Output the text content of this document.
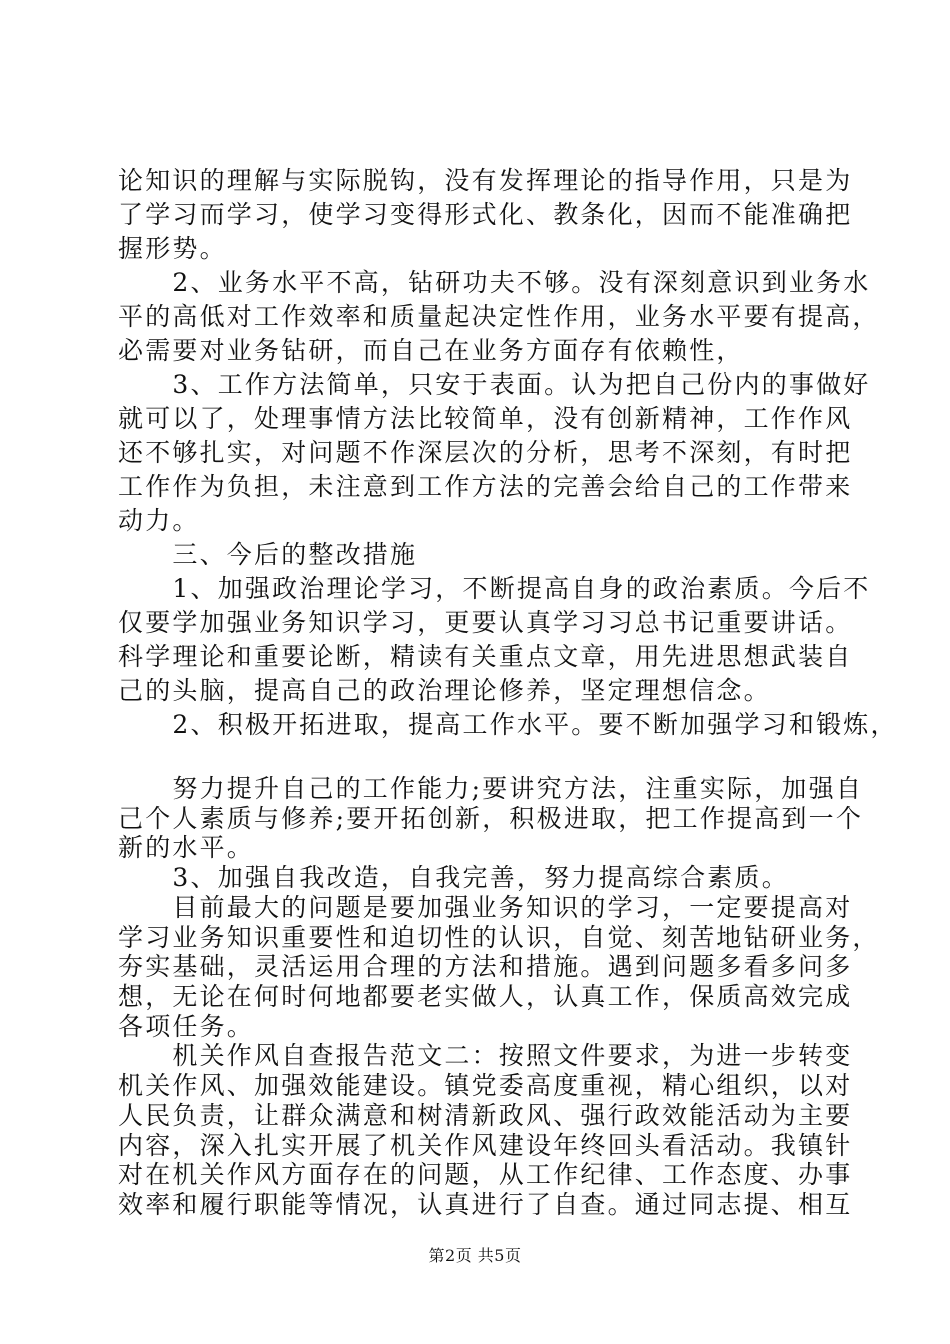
论知识的理解与实际脱钩，没有发挥理论的指导作用，只是为
了学习而学习，使学习变得形式化、教条化，因而不能准确把
握形势。
　　2、业务水平不高，钻研功夫不够。没有深刻意识到业务水
平的高低对工作效率和质量起决定性作用，业务水平要有提高，
必需要对业务钻研，而自己在业务方面存有依赖性，
　　3、工作方法简单，只安于表面。认为把自己份内的事做好
就可以了，处理事情方法比较简单，没有创新精神，工作作风
还不够扎实，对问题不作深层次的分析，思考不深刻，有时把
工作作为负担，未注意到工作方法的完善会给自己的工作带来
动力。
　　三、今后的整改措施
　　1、加强政治理论学习，不断提高自身的政治素质。今后不
仅要学加强业务知识学习，更要认真学习习总书记重要讲话。
科学理论和重要论断，精读有关重点文章，用先进思想武装自
己的头脑，提高自己的政治理论修养，坚定理想信念。
　　2、积极开拓进取，提高工作水平。要不断加强学习和锻炼，
　　努力提升自己的工作能力;要讲究方法，注重实际，加强自
己个人素质与修养;要开拓创新，积极进取，把工作提高到一个
新的水平。
　　3、加强自我改造，自我完善，努力提高综合素质。
　　目前最大的问题是要加强业务知识的学习，一定要提高对
学习业务知识重要性和迫切性的认识，自觉、刻苦地钻研业务，
夯实基础，灵活运用合理的方法和措施。遇到问题多看多问多
想，无论在何时何地都要老实做人，认真工作，保质高效完成
各项任务。
　　机关作风自查报告范文二：按照文件要求，为进一步转变
机关作风、加强效能建设。镇党委高度重视，精心组织，以对
人民负责，让群众满意和树清新政风、强行政效能活动为主要
内容，深入扎实开展了机关作风建设年终回头看活动。我镇针
对在机关作风方面存在的问题，从工作纪律、工作态度、办事
效率和履行职能等情况，认真进行了自查。通过同志提、相互
第2页 共5页
